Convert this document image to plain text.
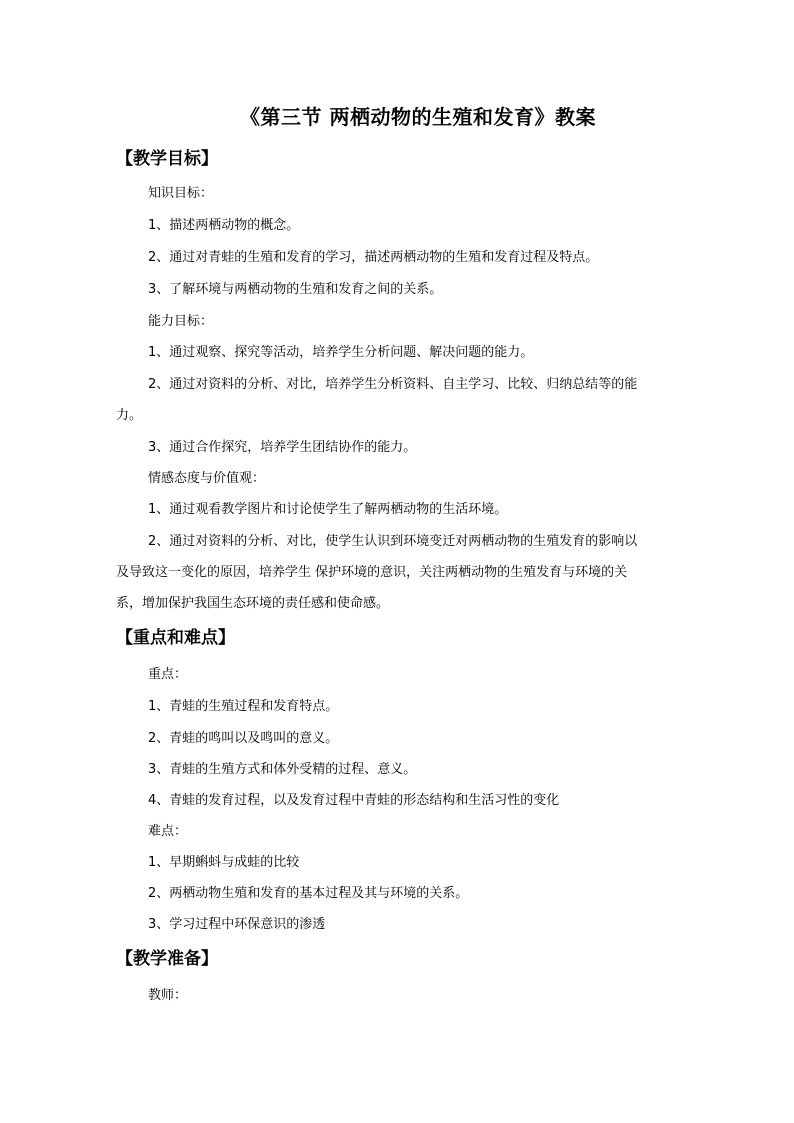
《第三节 两栖动物的生殖和发育》教案
【教学目标】

知识目标：

1、描述两栖动物的概念。

2、通过对青蛙的生殖和发育的学习，描述两栖动物的生殖和发育过程及特点。

3、了解环境与两栖动物的生殖和发育之间的关系。

能力目标：

1、通过观察、探究等活动，培养学生分析问题、解决问题的能力。

2、通过对资料的分析、对比，培养学生分析资料、自主学习、比较、归纳总结等的能

力。

3、通过合作探究，培养学生团结协作的能力。

情感态度与价值观：

1、通过观看教学图片和讨论使学生了解两栖动物的生活环境。

2、通过对资料的分析、对比，使学生认识到环境变迁对两栖动物的生殖发育的影响以

及导致这一变化的原因，培养学生 保护环境的意识，关注两栖动物的生殖发育与环境的关

系，增加保护我国生态环境的责任感和使命感。

【重点和难点】

重点：

1、青蛙的生殖过程和发育特点。

2、青蛙的鸣叫以及鸣叫的意义。

3、青蛙的生殖方式和体外受精的过程、意义。

4、青蛙的发育过程，以及发育过程中青蛙的形态结构和生活习性的变化

难点：

1、早期蝌蚪与成蛙的比较

2、两栖动物生殖和发育的基本过程及其与环境的关系。

3、学习过程中环保意识的渗透

【教学准备】

教师：
